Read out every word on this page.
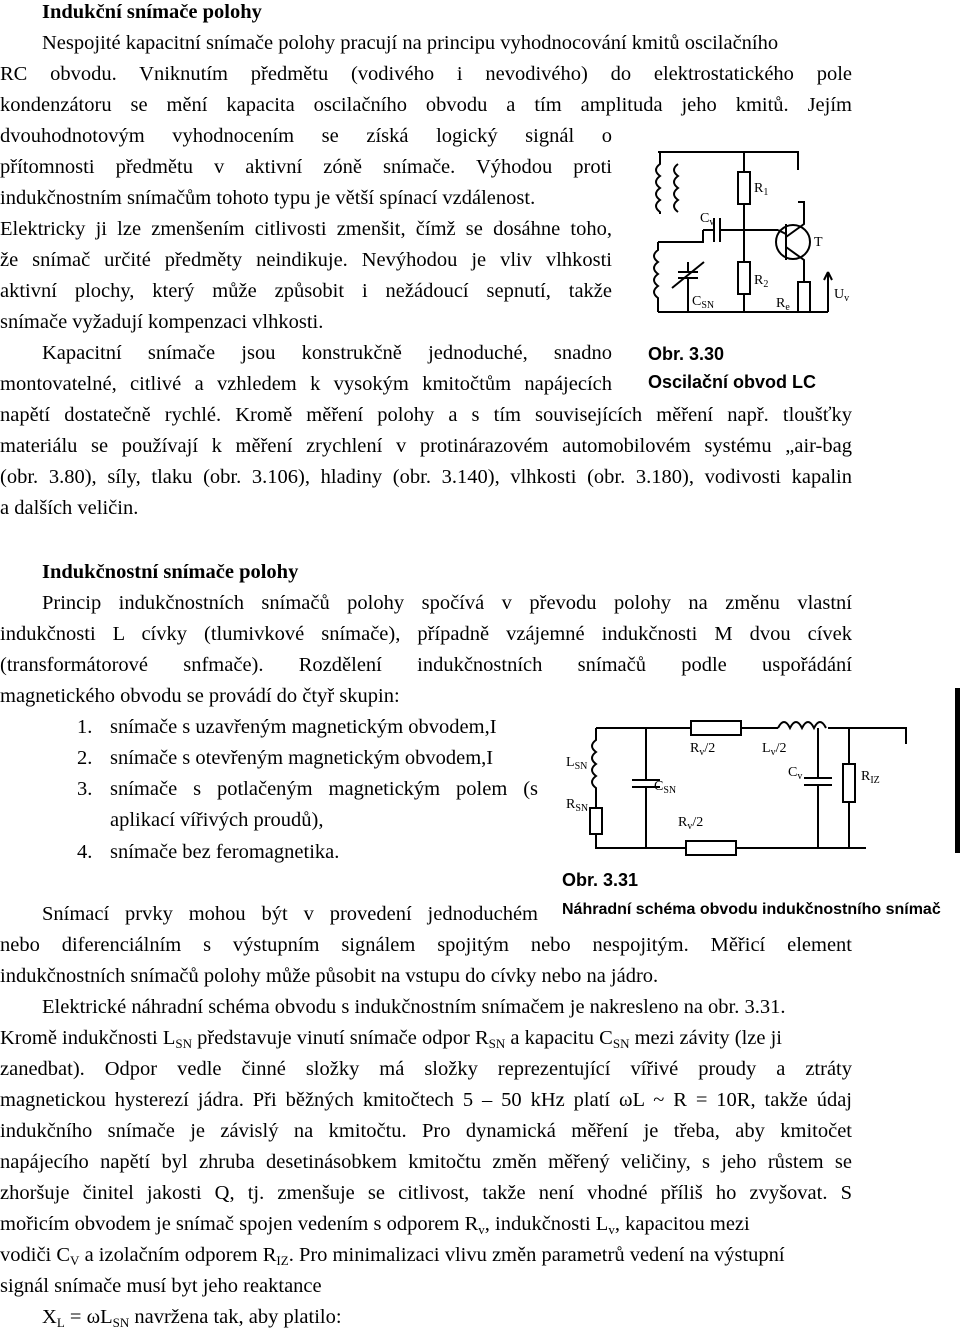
Indukční snímače polohy
Nespojité kapacitní snímače polohy pracují na principu vyhodnocování kmitů oscilačního
RC obvodu. Vniknutím předmětu (vodivého i nevodivého) do elektrostatického pole
kondenzátoru se mění kapacita oscilačního obvodu a tím amplituda jeho kmitů. Jejím
dvouhodnotovým vyhodnocením se získá logický signál o
přítomnosti předmětu v aktivní zóně snímače. Výhodou proti
indukčnostním snímačům tohoto typu je větší spínací vzdálenost.
Elektricky ji lze zmenšením citlivosti zmenšit, čímž se dosáhne toho,
že snímač určité předměty neindikuje. Nevýhodou je vliv vlhkosti
aktivní plochy, který může způsobit i nežádoucí sepnutí, takže
snímače vyžadují kompenzaci vlhkosti.
Kapacitní snímače jsou konstrukčně jednoduché, snadno
montovatelné, citlivé a vzhledem k vysokým kmitočtům napájecích
napětí dostatečně rychlé. Kromě měření polohy a s tím souvisejících měření např. tloušťky
materiálu se používají k měření zrychlení v protinárazovém automobilovém systému „air-bag
(obr. 3.80), síly, tlaku (obr. 3.106), hladiny (obr. 3.140), vlhkosti (obr. 3.180), vodivosti kapalin
a dalších veličin.
$R_1$
$C_v$
T
$R_2$
$R_e$
$C_{SN}$
$U_v$
Obr. 3.30
Oscilační obvod LC
Indukčnostní snímače polohy
Princip indukčnostních snímačů polohy spočívá v převodu polohy na změnu vlastní
indukčnosti L cívky (tlumivkové snímače), případně vzájemné indukčnosti M dvou cívek
(transformátorové snfmače). Rozdělení indukčnostních snímačů podle uspořádání
magnetického obvodu se provádí do čtyř skupin:
1. snímače s uzavřeným magnetickým obvodem,I
2. snímače s otevřeným magnetickým obvodem,I
3. snímače s potlačeným magnetickým polem (s
aplikací vířivých proudů),
4. snímače bez feromagnetika.
$L_{SN}$
$R_{SN}$
$C_{SN}$
$R_v/2$	$L_v/2$
$C_v$	$R_{IZ}$
$R_v/2$
Obr. 3.31
Náhradní schéma obvodu indukčnostního snímač
Snímací prvky mohou být v provedení jednoduchém
nebo diferenciálním s výstupním signálem spojitým nebo nespojitým. Měřicí element
indukčnostních snímačů polohy může působit na vstupu do cívky nebo na jádro.
Elektrické náhradní schéma obvodu s indukčnostním snímačem je nakresleno na obr. 3.31.
Kromě indukčnosti $L_{SN}$ představuje vinutí snímače odpor $R_{SN}$ a kapacitu $C_{SN}$ mezi závity (lze ji
zanedbat). Odpor vedle činné složky má složky reprezentující vířivé proudy a ztráty
magnetickou hysterezí jádra. Při běžných kmitočtech 5 – 50 kHz platí ωL ~ R = 10R, takže údaj
indukčního snímače je závislý na kmitočtu. Pro dynamická měření je třeba, aby kmitočet
napájecího napětí byl zhruba desetinásobkem kmitočtu změn měřený veličiny, s jeho růstem se
zhoršuje činitel jakosti Q, tj. zmenšuje se citlivost, takže není vhodné příliš ho zvyšovat. S
mořicím obvodem je snímač spojen vedením s odporem $R_v$, indukčnosti $L_v$, kapacitou mezi
vodiči $C_V$ a izolačním odporem $R_{IZ}$. Pro minimalizaci vlivu změn parametrů vedení na výstupní
signál snímače musí byt jeho reaktance
$X_L = \omega L_{SN}$ navržena tak, aby platilo:
